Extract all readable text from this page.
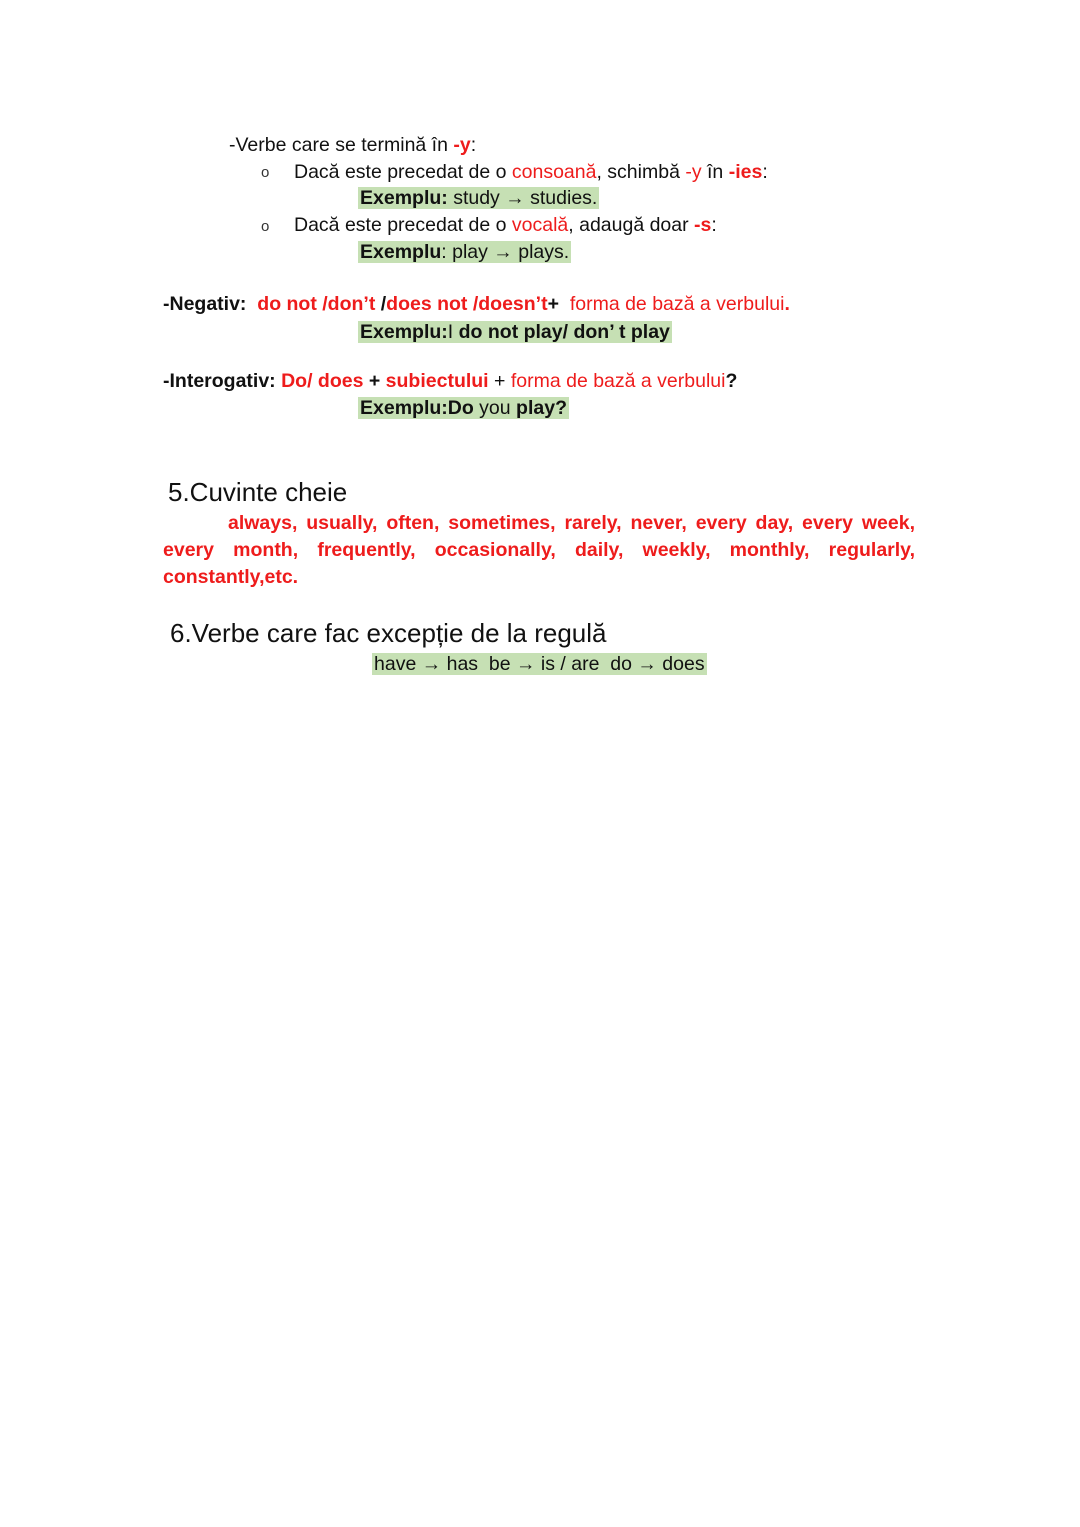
-Verbe care se termină în -y:
o Dacă este precedat de o consoană, schimbă -y în -ies:
Exemplu: study → studies.
o Dacă este precedat de o vocală, adaugă doar -s:
Exemplu: play → plays.
-Negativ: do not /don’t /does not /doesn’t+ forma de bază a verbului.
Exemplu:I do not play/ don’ t play
-Interogativ: Do/ does + subiectului + forma de bază a verbului?
Exemplu:Do you play?
5.Cuvinte cheie
always, usually, often, sometimes, rarely, never, every day, every week, every month, frequently, occasionally, daily, weekly, monthly, regularly, constantly,etc.
6.Verbe care fac excepție de la regulă
have → has  be → is / are  do → does
